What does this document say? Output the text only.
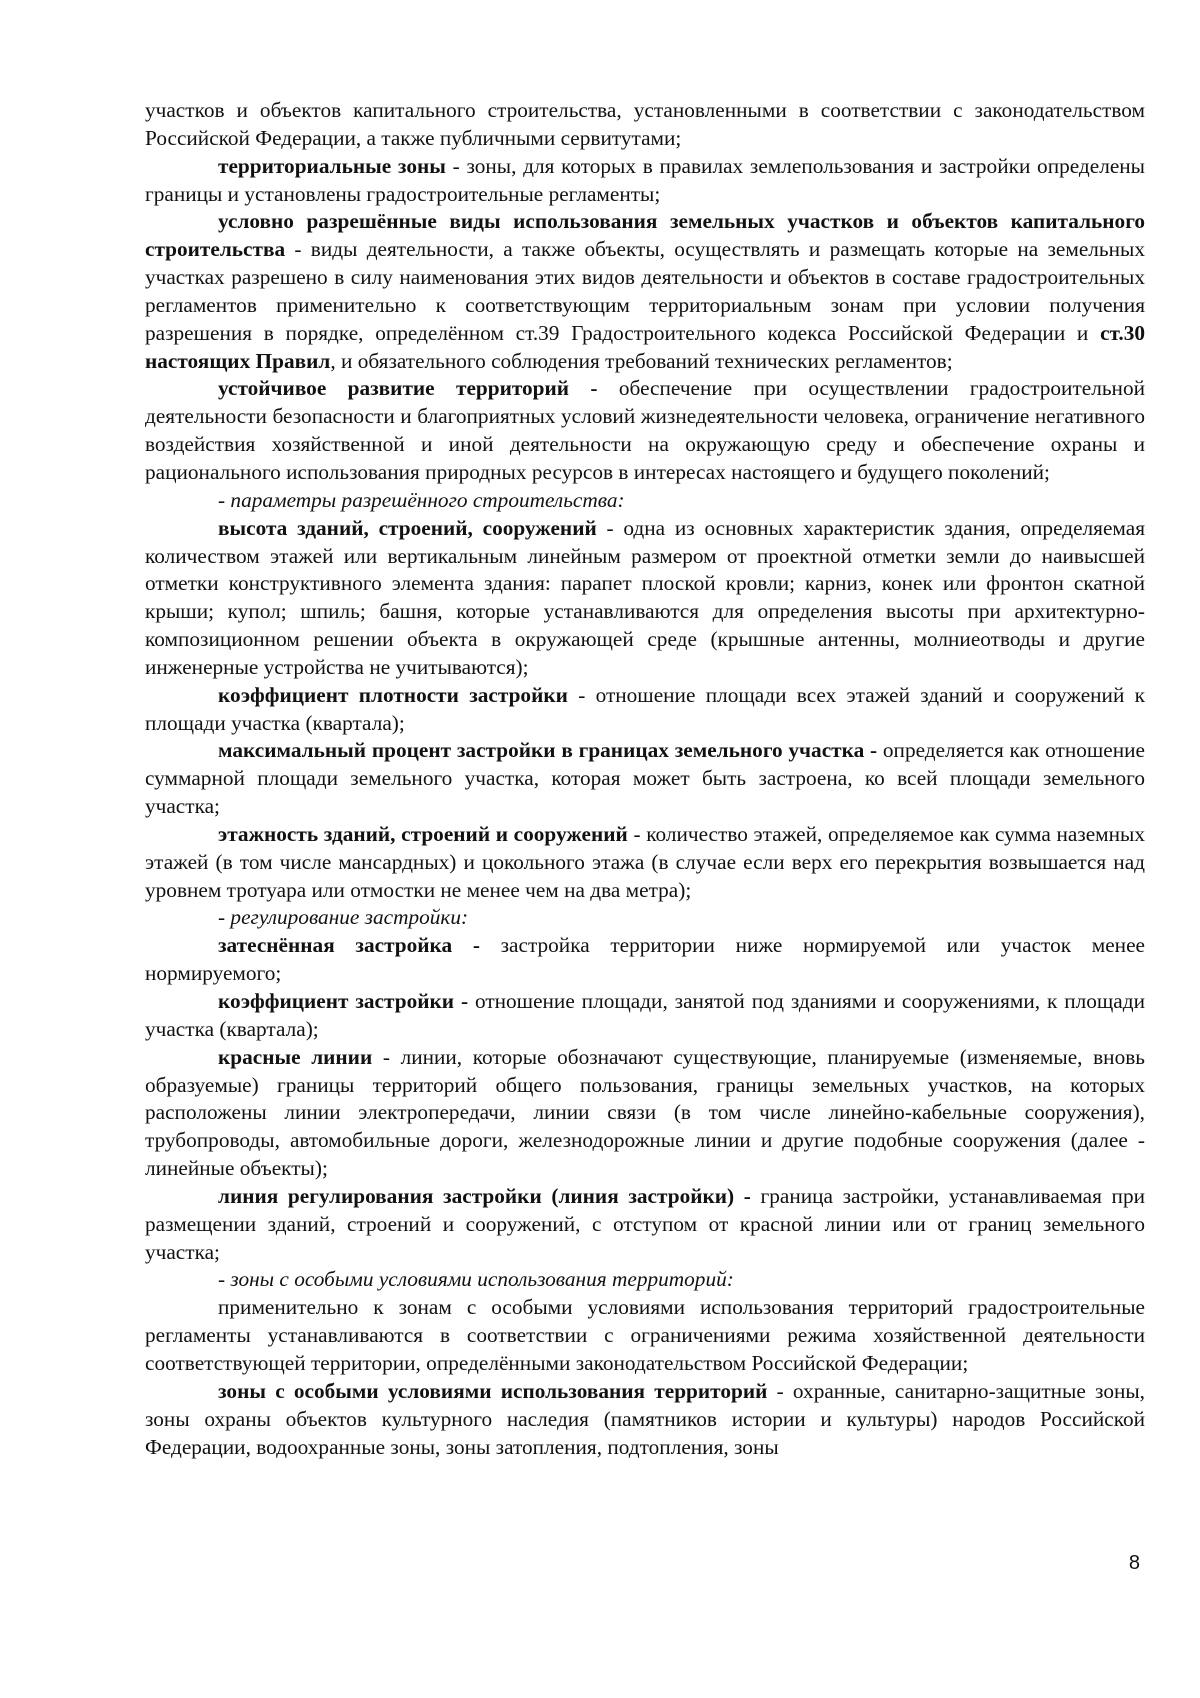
участков и объектов капитального строительства, установленными в соответствии с законодательством Российской Федерации, а также публичными сервитутами;

территориальные зоны - зоны, для которых в правилах землепользования и застройки определены границы и установлены градостроительные регламенты;

условно разрешённые виды использования земельных участков и объектов капитального строительства - виды деятельности, а также объекты, осуществлять и размещать которые на земельных участках разрешено в силу наименования этих видов деятельности и объектов в составе градостроительных регламентов применительно к соответствующим территориальным зонам при условии получения разрешения в порядке, определённом ст.39 Градостроительного кодекса Российской Федерации и ст.30 настоящих Правил, и обязательного соблюдения требований технических регламентов;

устойчивое развитие территорий - обеспечение при осуществлении градостроительной деятельности безопасности и благоприятных условий жизнедеятельности человека, ограничение негативного воздействия хозяйственной и иной деятельности на окружающую среду и обеспечение охраны и рационального использования природных ресурсов в интересах настоящего и будущего поколений;

- параметры разрешённого строительства:

высота зданий, строений, сооружений - одна из основных характеристик здания, определяемая количеством этажей или вертикальным линейным размером от проектной отметки земли до наивысшей отметки конструктивного элемента здания: парапет плоской кровли; карниз, конек или фронтон скатной крыши; купол; шпиль; башня, которые устанавливаются для определения высоты при архитектурно-композиционном решении объекта в окружающей среде (крышные антенны, молниеотводы и другие инженерные устройства не учитываются);

коэффициент плотности застройки - отношение площади всех этажей зданий и сооружений к площади участка (квартала);

максимальный процент застройки в границах земельного участка - определяется как отношение суммарной площади земельного участка, которая может быть застроена, ко всей площади земельного участка;

этажность зданий, строений и сооружений - количество этажей, определяемое как сумма наземных этажей (в том числе мансардных) и цокольного этажа (в случае если верх его перекрытия возвышается над уровнем тротуара или отмостки не менее чем на два метра);

- регулирование застройки:

затеснённая застройка - застройка территории ниже нормируемой или участок менее нормируемого;

коэффициент застройки - отношение площади, занятой под зданиями и сооружениями, к площади участка (квартала);

красные линии - линии, которые обозначают существующие, планируемые (изменяемые, вновь образуемые) границы территорий общего пользования, границы земельных участков, на которых расположены линии электропередачи, линии связи (в том числе линейно-кабельные сооружения), трубопроводы, автомобильные дороги, железнодорожные линии и другие подобные сооружения (далее - линейные объекты);

линия регулирования застройки (линия застройки) - граница застройки, устанавливаемая при размещении зданий, строений и сооружений, с отступом от красной линии или от границ земельного участка;

- зоны с особыми условиями использования территорий:

применительно к зонам с особыми условиями использования территорий градостроительные регламенты устанавливаются в соответствии с ограничениями режима хозяйственной деятельности соответствующей территории, определёнными законодательством Российской Федерации;

зоны с особыми условиями использования территорий - охранные, санитарно-защитные зоны, зоны охраны объектов культурного наследия (памятников истории и культуры) народов Российской Федерации, водоохранные зоны, зоны затопления, подтопления, зоны

8
